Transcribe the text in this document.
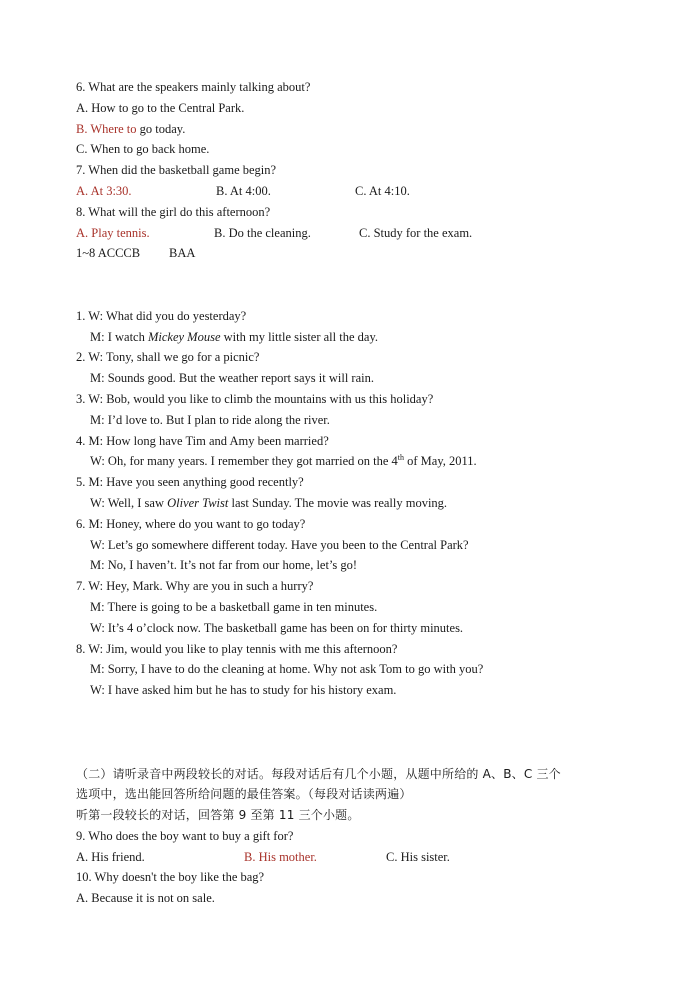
6. What are the speakers mainly talking about?
A. How to go to the Central Park.
B. Where to go today.
C. When to go back home.
7. When did the basketball game begin?
A. At 3:30.	B. At 4:00.	C. At 4:10.
8. What will the girl do this afternoon?
A. Play tennis.	B. Do the cleaning.	C. Study for the exam.
1~8 ACCCB BAA
1. W: What did you do yesterday?
M: I watch Mickey Mouse with my little sister all the day.
2. W: Tony, shall we go for a picnic?
M: Sounds good. But the weather report says it will rain.
3. W: Bob, would you like to climb the mountains with us this holiday?
M: I’d love to. But I plan to ride along the river.
4. M: How long have Tim and Amy been married?
W: Oh, for many years. I remember they got married on the 4th of May, 2011.
5. M: Have you seen anything good recently?
W: Well, I saw Oliver Twist last Sunday. The movie was really moving.
6. M: Honey, where do you want to go today?
W: Let’s go somewhere different today. Have you been to the Central Park?
M: No, I haven’t. It’s not far from our home, let’s go!
7. W: Hey, Mark. Why are you in such a hurry?
M: There is going to be a basketball game in ten minutes.
W: It’s 4 o’clock now. The basketball game has been on for thirty minutes.
8. W: Jim, would you like to play tennis with me this afternoon?
M: Sorry, I have to do the cleaning at home. Why not ask Tom to go with you?
W: I have asked him but he has to study for his history exam.
（二）请听录音中两段较长的对话。每段对话后有几个小题，从题中所给的 A、B、C 三个
选项中，选出能回答所给问题的最佳答案。（每段对话读两遍）
听第一段较长的对话，回答第 9 至第 11 三个小题。
9. Who does the boy want to buy a gift for?
A. His friend.	B. His mother.	C. His sister.
10. Why doesn't the boy like the bag?
A. Because it is not on sale.
